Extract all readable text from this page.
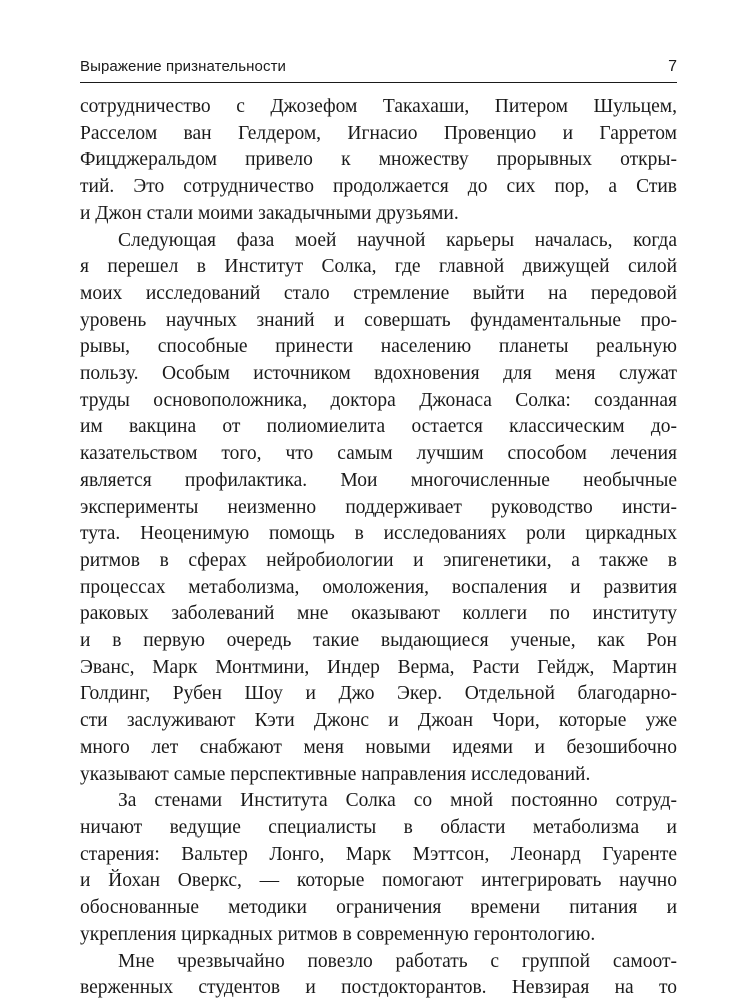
Выражение признательности	7

сотрудничество с Джозефом Такахаши, Питером Шульцем,
Расселом ван Гелдером, Игнасио Провенцио и Гарретом
Фицджеральдом привело к множеству прорывных откры-
тий. Это сотрудничество продолжается до сих пор, а Стив
и Джон стали моими закадычными друзьями.

Следующая фаза моей научной карьеры началась, когда
я перешел в Институт Солка, где главной движущей силой
моих исследований стало стремление выйти на передовой
уровень научных знаний и совершать фундаментальные про-
рывы, способные принести населению планеты реальную
пользу. Особым источником вдохновения для меня служат
труды основоположника, доктора Джонаса Солка: созданная
им вакцина от полиомиелита остается классическим до-
казательством того, что самым лучшим способом лечения
является профилактика. Мои многочисленные необычные
эксперименты неизменно поддерживает руководство инсти-
тута. Неоценимую помощь в исследованиях роли циркадных
ритмов в сферах нейробиологии и эпигенетики, а также в
процессах метаболизма, омоложения, воспаления и развития
раковых заболеваний мне оказывают коллеги по институту
и в первую очередь такие выдающиеся ученые, как Рон
Эванс, Марк Монтмини, Индер Верма, Расти Гейдж, Мартин
Голдинг, Рубен Шоу и Джо Экер. Отдельной благодарно-
сти заслуживают Кэти Джонс и Джоан Чори, которые уже
много лет снабжают меня новыми идеями и безошибочно
указывают самые перспективные направления исследований.

За стенами Института Солка со мной постоянно сотруд-
ничают ведущие специалисты в области метаболизма и
старения: Вальтер Лонго, Марк Мэттсон, Леонард Гуаренте
и Йохан Оверкс, — которые помогают интегрировать научно
обоснованные методики ограничения времени питания и
укрепления циркадных ритмов в современную геронтологию.

Мне чрезвычайно повезло работать с группой самоот-
верженных студентов и постдокторантов. Невзирая на то
